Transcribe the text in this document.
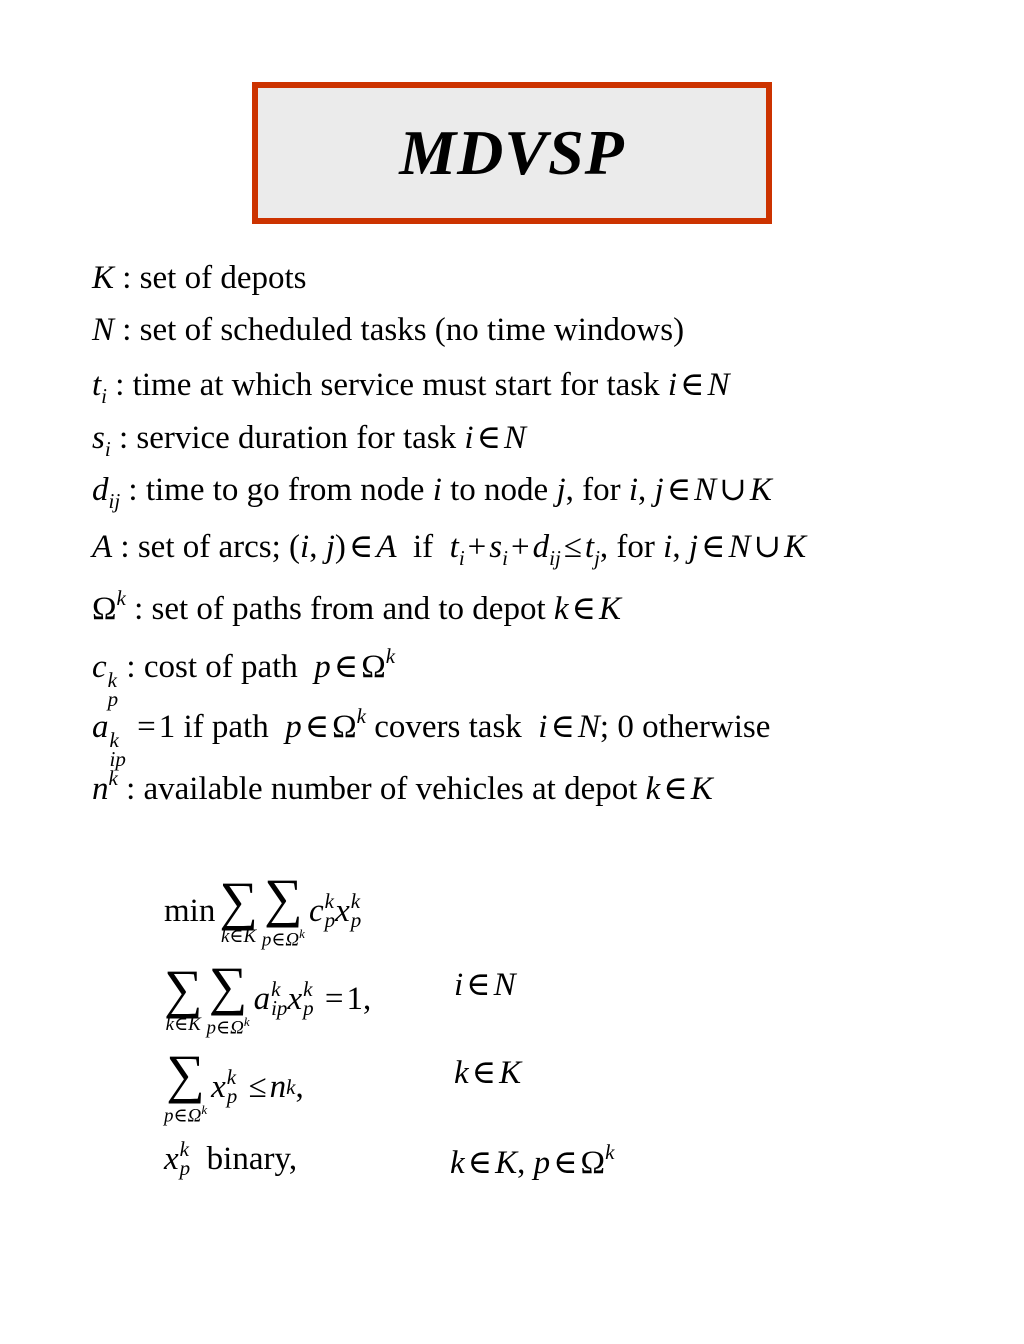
MDVSP
K : set of depots
N : set of scheduled tasks (no time windows)
$t_i$ : time at which service must start for task i∈N
$s_i$ : service duration for task i∈N
$d_{ij}$ : time to go from node i to node j, for i, j∈N∪K
A : set of arcs; (i, j)∈A  if  $t_i+s_i+d_{ij}\le t_j$, for i, j∈N∪K
$\Omega^k$ : set of paths from and to depot k∈K
c k
p
: cost of path  $p\in\Omega^k$
a k
ip
=1 if path  $p\in\Omega^k$ covers task  i∈N; 0 otherwise
$n^k$ : available number of vehicles at depot k∈K
min ∑
k∈K
∑
$p\in\Omega^k$
c k
p x k
p
∑
k∈K
∑
$p\in\Omega^k$
a k
ip x k
p = 1,	i∈N
∑
$p\in\Omega^k$
x k
p ≤ n k ,	k∈K
x k
p binary,	k∈K, $p\in\Omega^k$
